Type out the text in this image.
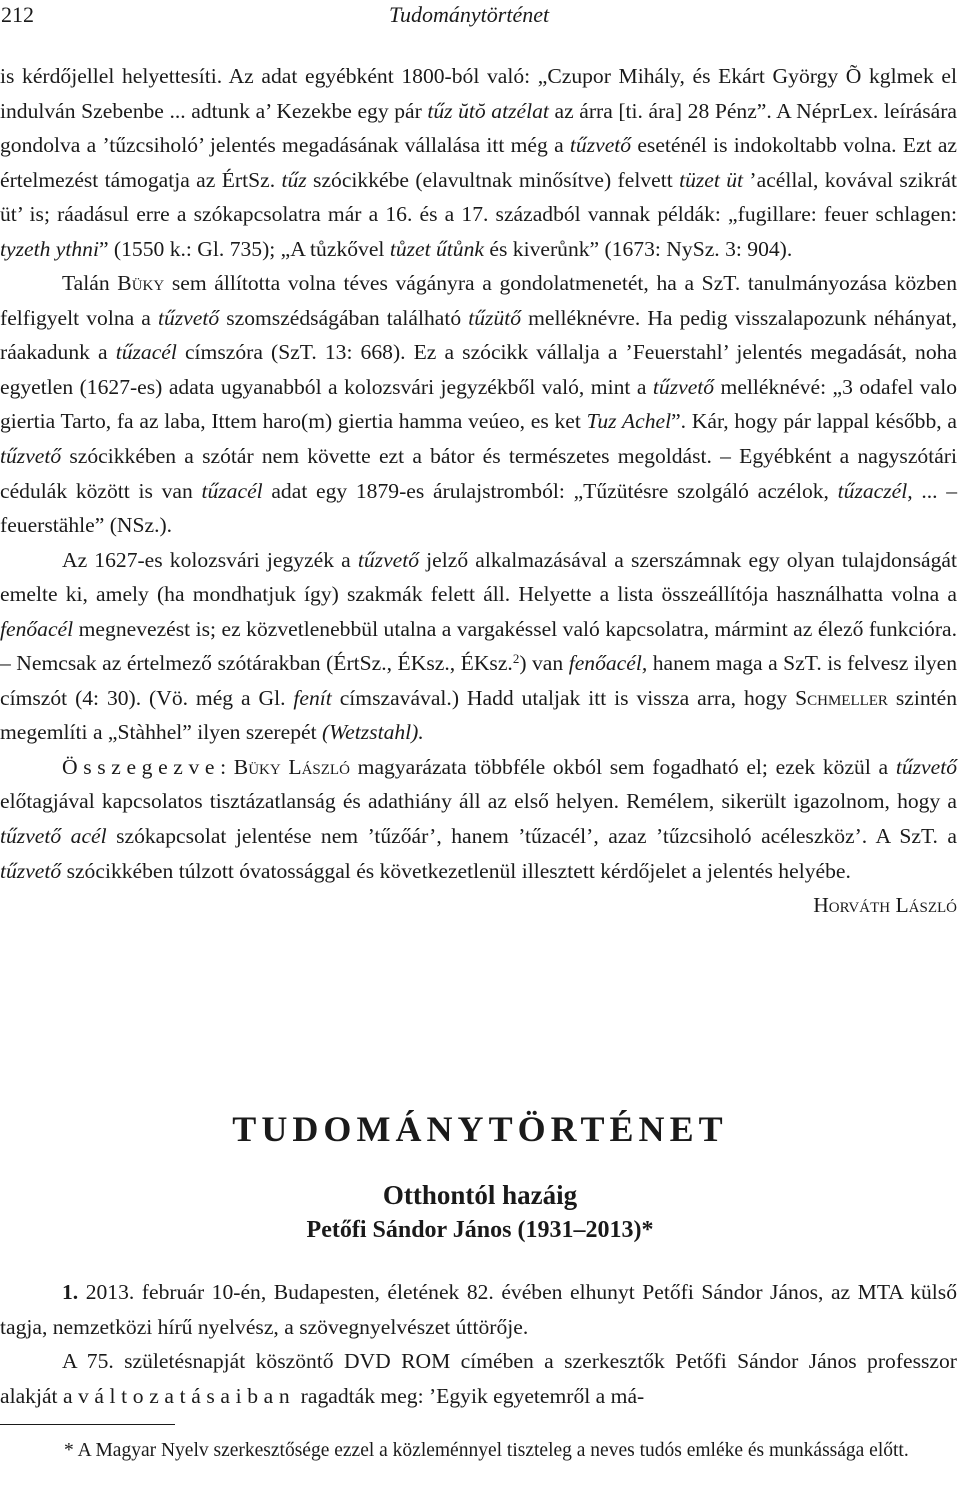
212	Tudománytörténet

is kérdőjellel helyettesíti. Az adat egyébként 1800-ból való: „Czupor Mihály, és Ekárt György Õ kglmek el indulván Szebenbe ... adtunk a’ Kezekbe egy pár tűz ŭtŏ atzélat az árra [ti. ára] 28 Pénz”. A NéprLex. leírására gondolva a ’tűzcsiholó’ jelentés megadásának vállalása itt még a tűzvető eseténél is indokoltabb volna. Ezt az értelmezést támogatja az ÉrtSz. tűz szócikkébe (elavultnak minősítve) felvett tüzet üt ’acéllal, kovával szikrát üt’ is; ráadásul erre a szókapcsolatra már a 16. és a 17. századból vannak példák: „fugillare: feuer schlagen: tyzeth ythni” (1550 k.: Gl. 735); „A tůzkővel tůzet űtůnk és kiverůnk” (1673: NySz. 3: 904).

Talán Büky sem állította volna téves vágányra a gondolatmenetét, ha a SzT. tanulmányozása közben felfigyelt volna a tűzvető szomszédságában található tűzütő melléknévre. Ha pedig visszalapozunk néhányat, ráakadunk a tűzacél címszóra (SzT. 13: 668). Ez a szócikk vállalja a ’Feuerstahl’ jelentés megadását, noha egyetlen (1627-es) adata ugyanabból a kolozsvári jegyzékből való, mint a tűzvető melléknévé: „3 odafel valo giertia Tarto, fa az laba, Ittem haro(m) giertia hamma veúeo, es ket Tuz Achel”. Kár, hogy pár lappal később, a tűzvető szócikkében a szótár nem követte ezt a bátor és természetes megoldást. – Egyébként a nagyszótári cédulák között is van tűzacél adat egy 1879-es árulajstromból: „Tűzütésre szolgáló aczélok, tűzaczél, ... – feuerstähle” (NSz.).

Az 1627-es kolozsvári jegyzék a tűzvető jelző alkalmazásával a szerszámnak egy olyan tulajdonságát emelte ki, amely (ha mondhatjuk így) szakmák felett áll. Helyette a lista összeállítója használhatta volna a fenőacél megnevezést is; ez közvetlenebbül utalna a vargakéssel való kapcsolatra, mármint az élező funkcióra. – Nemcsak az értelmező szótárakban (ÉrtSz., ÉKsz., ÉKsz.$^2$) van fenőacél, hanem maga a SzT. is felvesz ilyen címszót (4: 30). (Vö. még a Gl. fenít címszavával.) Hadd utaljak itt is vissza arra, hogy Schmeller szintén megemlíti a „Stàhhel” ilyen szerepét (Wetzstahl).

Összegezve: Büky László magyarázata többféle okból sem fogadható el; ezek közül a tűzvető előtagjával kapcsolatos tisztázatlanság és adathiány áll az első helyen. Remélem, sikerült igazolnom, hogy a tűzvető acél szókapcsolat jelentése nem ’tűzőár’, hanem ’tűzacél’, azaz ’tűzcsiholó acéleszköz’. A SzT. a tűzvető szócikkében túlzott óvatossággal és következetlenül illesztett kérdőjelet a jelentés helyébe.

Horváth László

TUDOMÁNYTÖRTÉNET
Otthontól hazáig
Petőfi Sándor János (1931–2013)*

1. 2013. február 10-én, Budapesten, életének 82. évében elhunyt Petőfi Sándor János, az MTA külső tagja, nemzetközi hírű nyelvész, a szövegnyelvészet úttörője.

A 75. születésnapját köszöntő DVD ROM címében a szerkesztők Petőfi Sándor János professzor alakját a változatásaiban ragadták meg: ’Egyik egyetemről a má-

* A Magyar Nyelv szerkesztősége ezzel a közleménnyel tiszteleg a neves tudós emléke és munkássága előtt.
